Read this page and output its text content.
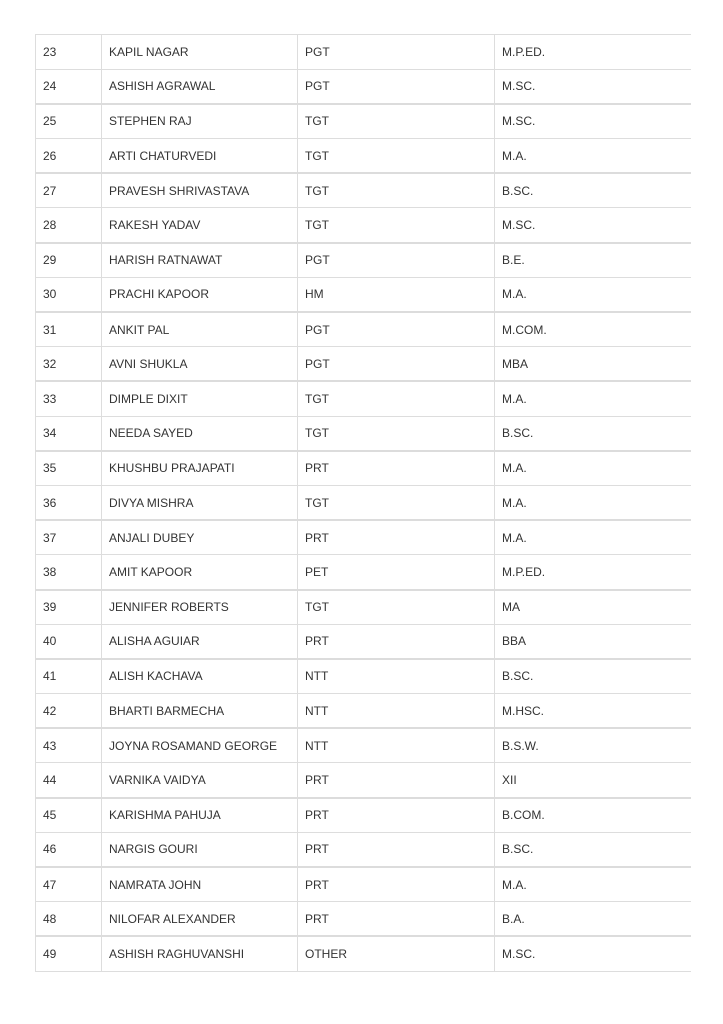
23	KAPIL NAGAR	PGT	M.P.ED.
24	ASHISH AGRAWAL	PGT	M.SC.
25	STEPHEN RAJ	TGT	M.SC.
26	ARTI CHATURVEDI	TGT	M.A.
27	PRAVESH SHRIVASTAVA	TGT	B.SC.
28	RAKESH YADAV	TGT	M.SC.
29	HARISH RATNAWAT	PGT	B.E.
30	PRACHI KAPOOR	HM	M.A.
31	ANKIT PAL	PGT	M.COM.
32	AVNI SHUKLA	PGT	MBA
33	DIMPLE DIXIT	TGT	M.A.
34	NEEDA SAYED	TGT	B.SC.
35	KHUSHBU PRAJAPATI	PRT	M.A.
36	DIVYA MISHRA	TGT	M.A.
37	ANJALI DUBEY	PRT	M.A.
38	AMIT KAPOOR	PET	M.P.ED.
39	JENNIFER ROBERTS	TGT	MA
40	ALISHA AGUIAR	PRT	BBA
41	ALISH KACHAVA	NTT	B.SC.
42	BHARTI BARMECHA	NTT	M.HSC.
43	JOYNA ROSAMAND GEORGE	NTT	B.S.W.
44	VARNIKA VAIDYA	PRT	XII
45	KARISHMA PAHUJA	PRT	B.COM.
46	NARGIS GOURI	PRT	B.SC.
47	NAMRATA JOHN	PRT	M.A.
48	NILOFAR ALEXANDER	PRT	B.A.
49	ASHISH RAGHUVANSHI	OTHER	M.SC.
